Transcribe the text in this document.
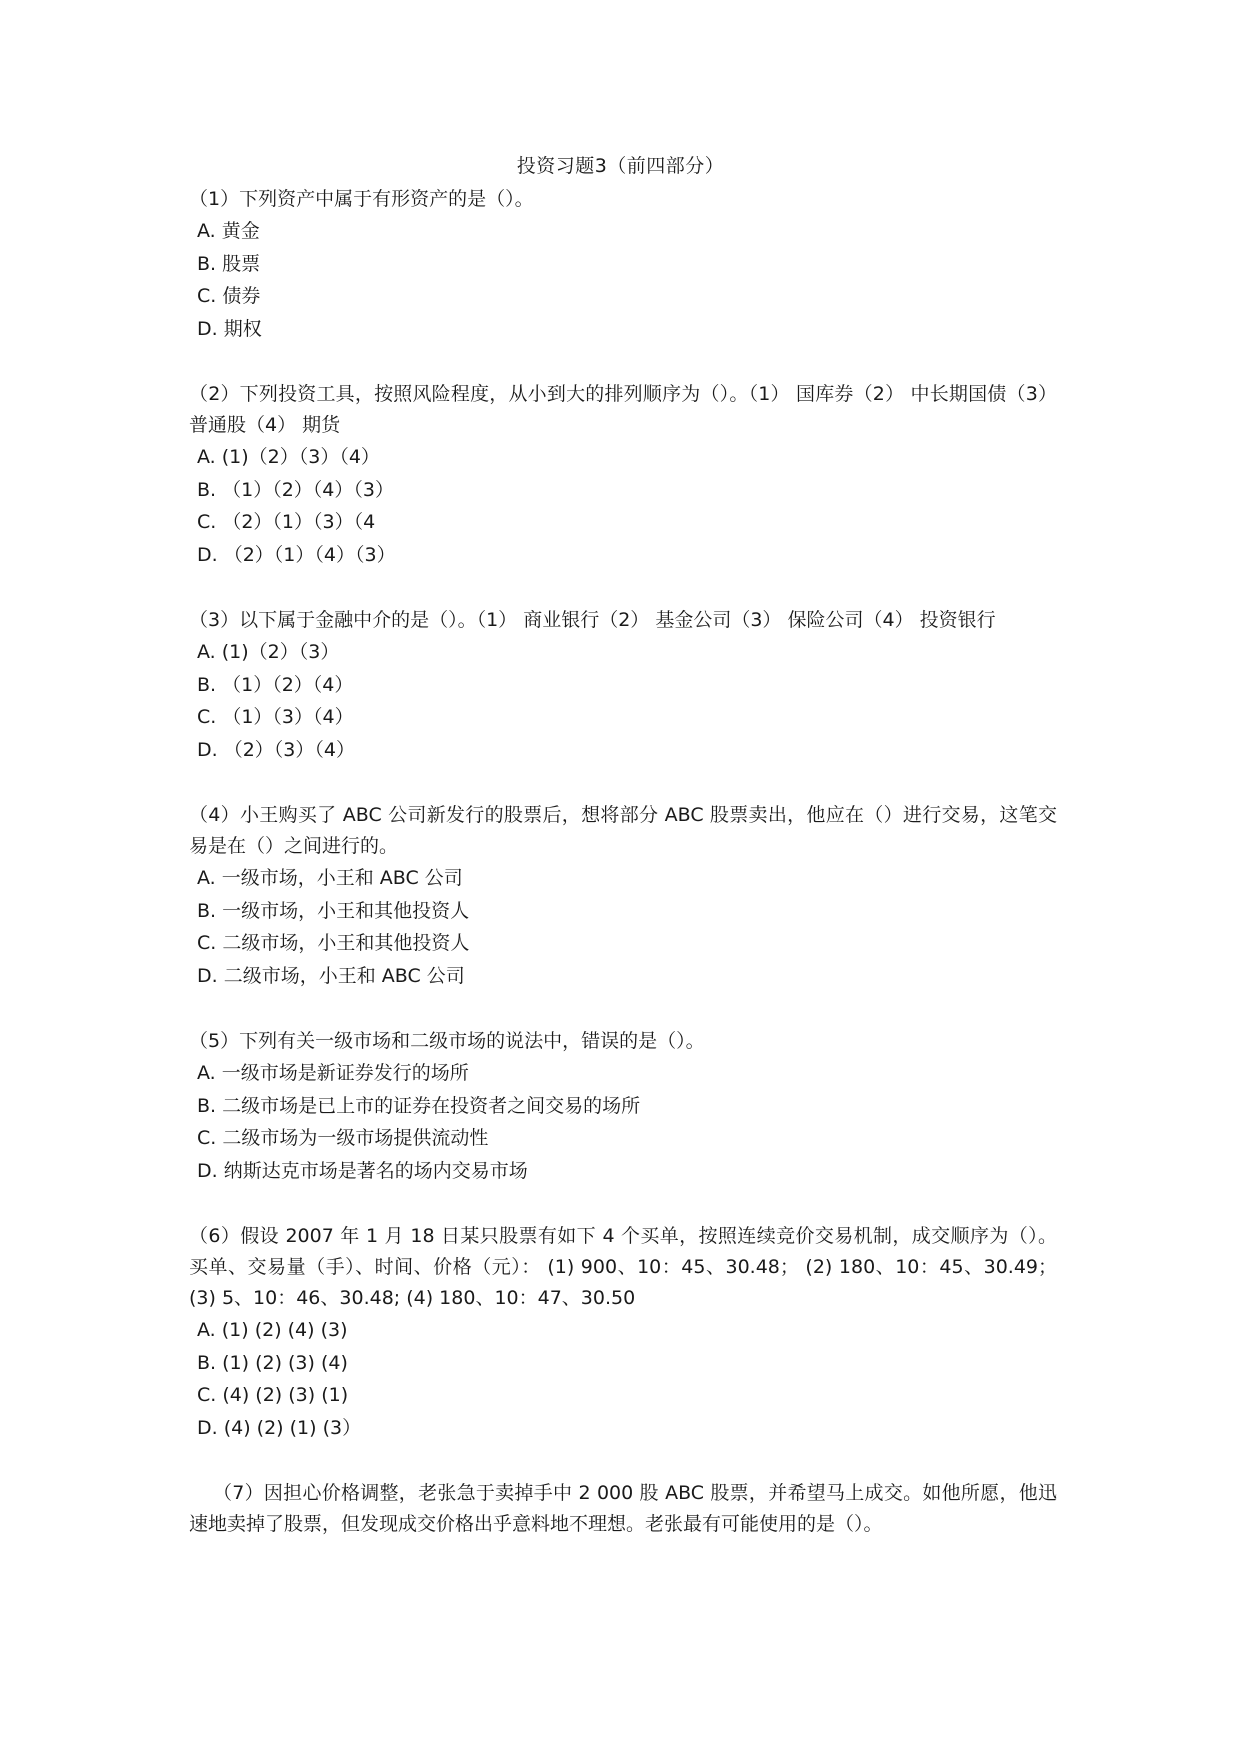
投资习题3（前四部分）

（1）下列资产中属于有形资产的是（）。

A. 黄金

B. 股票

C. 债券

D. 期权

（2）下列投资工具，按照风险程度，从小到大的排列顺序为（）。（1） 国库券（2） 中长期国债（3） 普通股（4） 期货

A. (1)（2）（3）（4）

B. （1）（2）（4）（3）

C. （2）（1）（3）（4

D. （2）（1）（4）（3）

（3）以下属于金融中介的是（）。（1） 商业银行（2） 基金公司（3） 保险公司（4） 投资银行

A. (1)（2）（3）

B. （1）（2）（4）

C. （1）（3）（4）

D. （2）（3）（4）

（4）小王购买了 ABC 公司新发行的股票后，想将部分 ABC 股票卖出，他应在（）进行交易，这笔交易是在（）之间进行的。

A. 一级市场，小王和 ABC 公司

B. 一级市场，小王和其他投资人

C. 二级市场，小王和其他投资人

D. 二级市场，小王和 ABC 公司

（5）下列有关一级市场和二级市场的说法中，错误的是（）。

A. 一级市场是新证券发行的场所

B. 二级市场是已上市的证券在投资者之间交易的场所

C. 二级市场为一级市场提供流动性

D. 纳斯达克市场是著名的场内交易市场

（6）假设 2007 年 1 月 18 日某只股票有如下 4 个买单，按照连续竞价交易机制，成交顺序为（）。买单、交易量（手）、时间、价格（元）： (1) 900、10：45、30.48； (2) 180、10：45、30.49； (3) 5、10：46、30.48; (4) 180、10：47、30.50

A. (1) (2) (4) (3)

B. (1) (2) (3) (4)

C. (4) (2) (3) (1)

D. (4) (2) (1) (3）

（7）因担心价格调整，老张急于卖掉手中 2 000 股 ABC 股票，并希望马上成交。如他所愿，他迅速地卖掉了股票，但发现成交价格出乎意料地不理想。老张最有可能使用的是（）。
